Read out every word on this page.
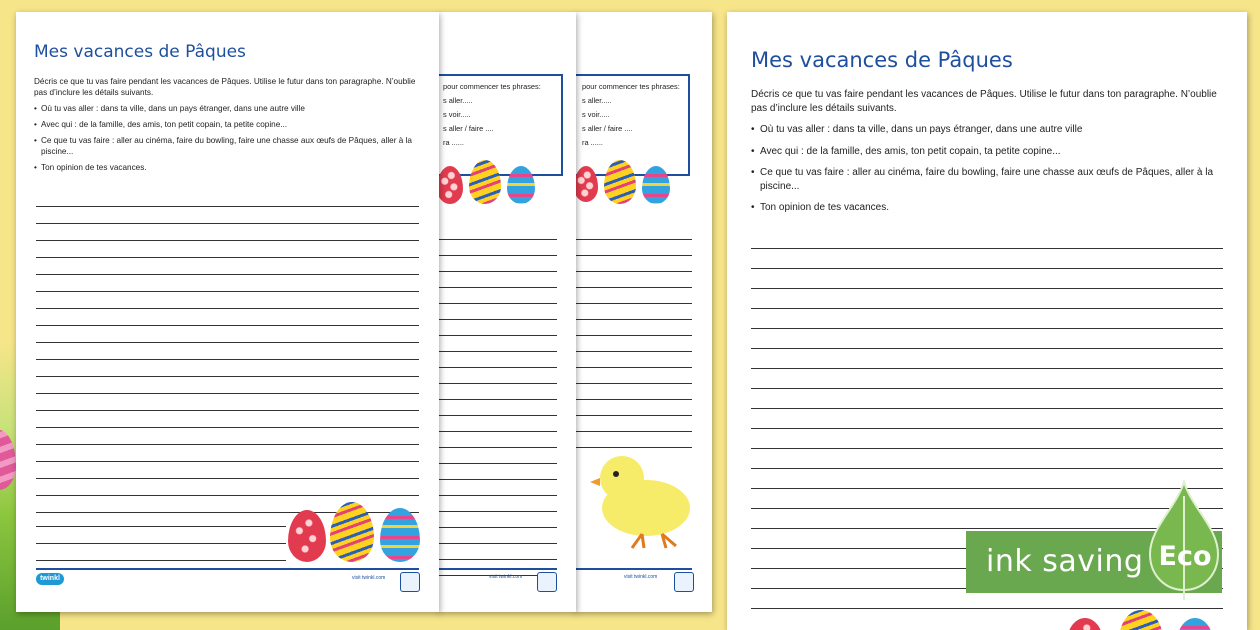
pour commencer tes phrases:
s aller.....
s voir.....
s aller / faire ....
ra ......
visit twinkl.com
pour commencer tes phrases:
s aller.....
s voir.....
s aller / faire ....
ra ......
visit twinkl.com
Mes vacances de Pâques

Décris ce que tu vas faire pendant les vacances de Pâques. Utilise le futur dans ton paragraphe. N’oublie pas d’inclure les détails suivants.

• Où tu vas aller : dans ta ville, dans un pays étranger, dans une autre ville

• Avec qui : de la famille, des amis, ton petit copain, ta petite copine...

• Ce que tu vas faire : aller au cinéma, faire du bowling, faire une chasse aux œufs de Pâques, aller à la piscine...

• Ton opinion de tes vacances.

twinkl	visit twinkl.com
Mes vacances de Pâques

Décris ce que tu vas faire pendant les vacances de Pâques. Utilise le futur dans ton paragraphe. N’oublie pas d’inclure les détails suivants.

• Où tu vas aller : dans ta ville, dans un pays étranger, dans une autre ville

• Avec qui : de la famille, des amis, ton petit copain, ta petite copine...

• Ce que tu vas faire : aller au cinéma, faire du bowling, faire une chasse aux œufs de Pâques, aller à la piscine...

• Ton opinion de tes vacances.

ink saving Eco
